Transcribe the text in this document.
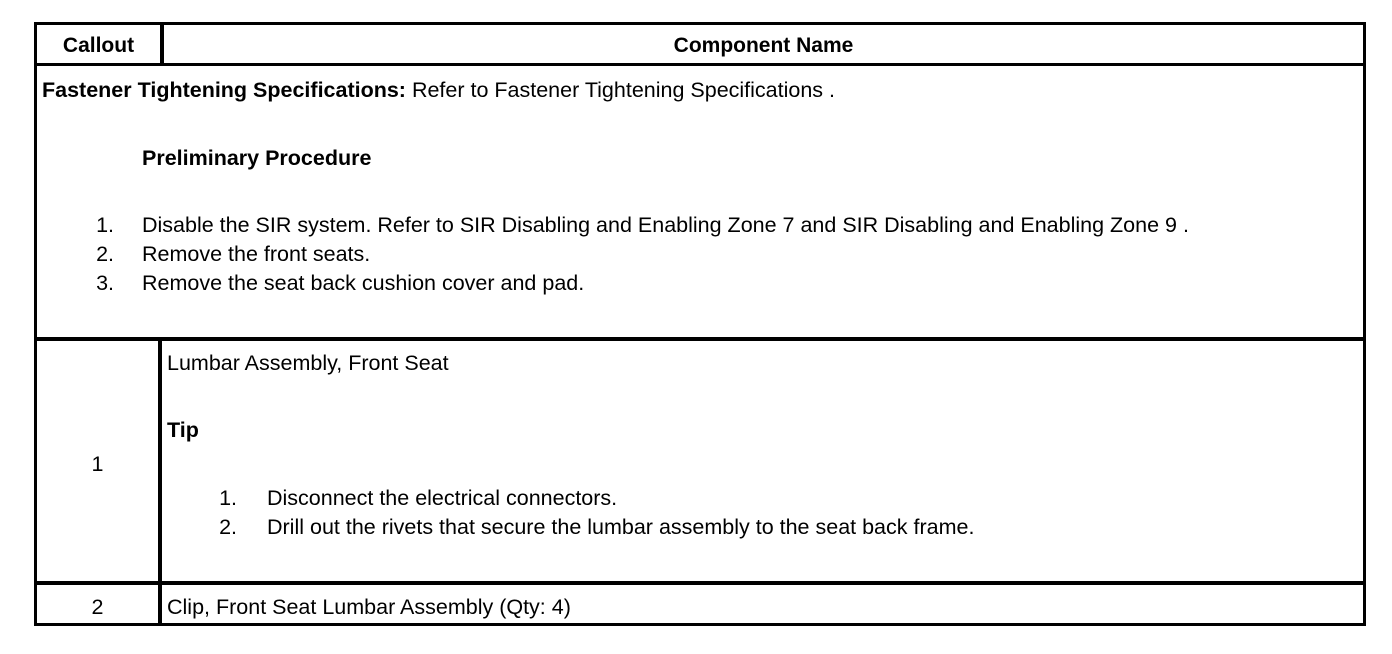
Callout	Component Name
Fastener Tightening Specifications: Refer to Fastener Tightening Specifications .
Preliminary Procedure
1. Disable the SIR system. Refer to SIR Disabling and Enabling Zone 7 and SIR Disabling and Enabling Zone 9 .
2. Remove the front seats.
3. Remove the seat back cushion cover and pad.
1
Lumbar Assembly, Front Seat
Tip
1. Disconnect the electrical connectors.
2. Drill out the rivets that secure the lumbar assembly to the seat back frame.
2	Clip, Front Seat Lumbar Assembly (Qty: 4)
